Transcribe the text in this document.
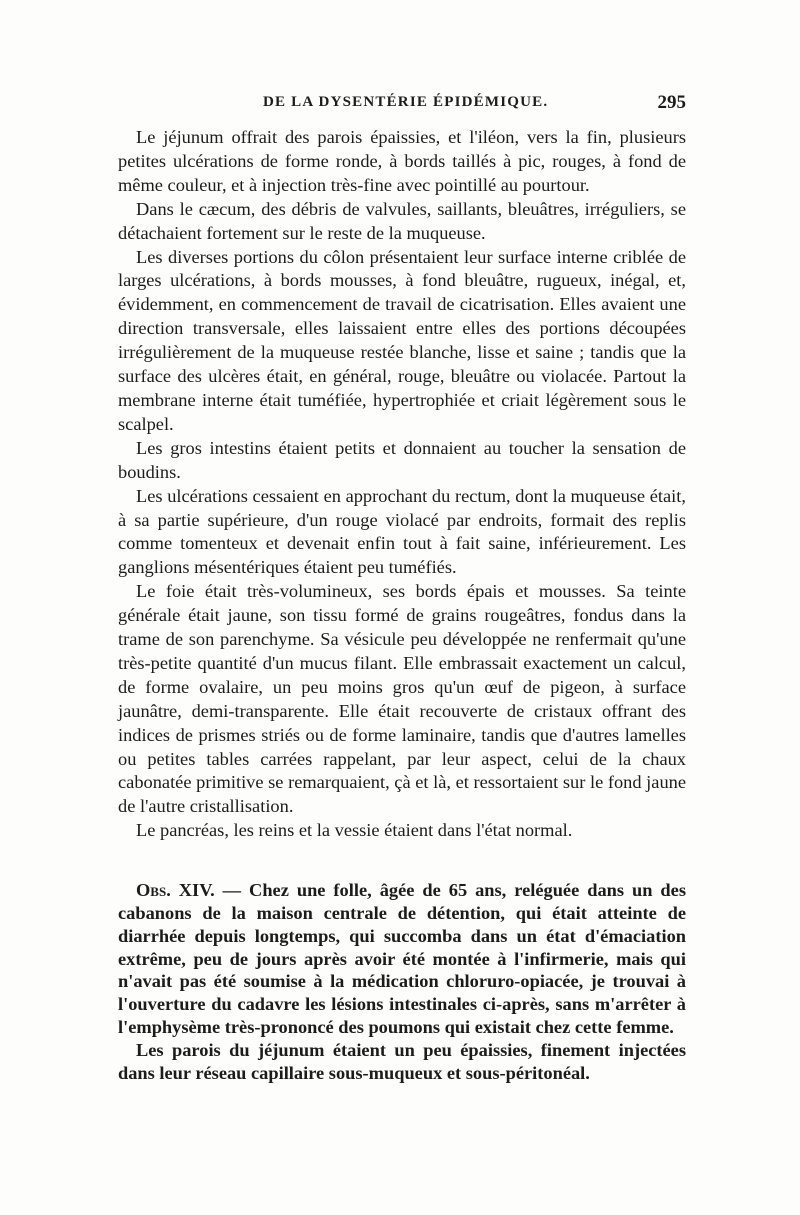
DE LA DYSENTÉRIE ÉPIDÉMIQUE.	295

Le jéjunum offrait des parois épaissies, et l'iléon, vers la fin, plusieurs petites ulcérations de forme ronde, à bords taillés à pic, rouges, à fond de même couleur, et à injection très-fine avec pointillé au pourtour.

Dans le cæcum, des débris de valvules, saillants, bleuâtres, irréguliers, se détachaient fortement sur le reste de la muqueuse.

Les diverses portions du côlon présentaient leur surface interne criblée de larges ulcérations, à bords mousses, à fond bleuâtre, rugueux, inégal, et, évidemment, en commencement de travail de cicatrisation. Elles avaient une direction transversale, elles laissaient entre elles des portions découpées irrégulièrement de la muqueuse restée blanche, lisse et saine ; tandis que la surface des ulcères était, en général, rouge, bleuâtre ou violacée. Partout la membrane interne était tuméfiée, hypertrophiée et criait légèrement sous le scalpel.

Les gros intestins étaient petits et donnaient au toucher la sensation de boudins.

Les ulcérations cessaient en approchant du rectum, dont la muqueuse était, à sa partie supérieure, d'un rouge violacé par endroits, formait des replis comme tomenteux et devenait enfin tout à fait saine, inférieurement. Les ganglions mésentériques étaient peu tuméfiés.

Le foie était très-volumineux, ses bords épais et mousses. Sa teinte générale était jaune, son tissu formé de grains rougeâtres, fondus dans la trame de son parenchyme. Sa vésicule peu développée ne renfermait qu'une très-petite quantité d'un mucus filant. Elle embrassait exactement un calcul, de forme ovalaire, un peu moins gros qu'un œuf de pigeon, à surface jaunâtre, demi-transparente. Elle était recouverte de cristaux offrant des indices de prismes striés ou de forme laminaire, tandis que d'autres lamelles ou petites tables carrées rappelant, par leur aspect, celui de la chaux cabonatée primitive se remarquaient, çà et là, et ressortaient sur le fond jaune de l'autre cristallisation.

Le pancréas, les reins et la vessie étaient dans l'état normal.

Obs. XIV. — Chez une folle, âgée de 65 ans, reléguée dans un des cabanons de la maison centrale de détention, qui était atteinte de diarrhée depuis longtemps, qui succomba dans un état d'émaciation extrême, peu de jours après avoir été montée à l'infirmerie, mais qui n'avait pas été soumise à la médication chloruro-opiacée, je trouvai à l'ouverture du cadavre les lésions intestinales ci-après, sans m'arrêter à l'emphysème très-prononcé des poumons qui existait chez cette femme.

Les parois du jéjunum étaient un peu épaissies, finement injectées dans leur réseau capillaire sous-muqueux et sous-péritonéal.
